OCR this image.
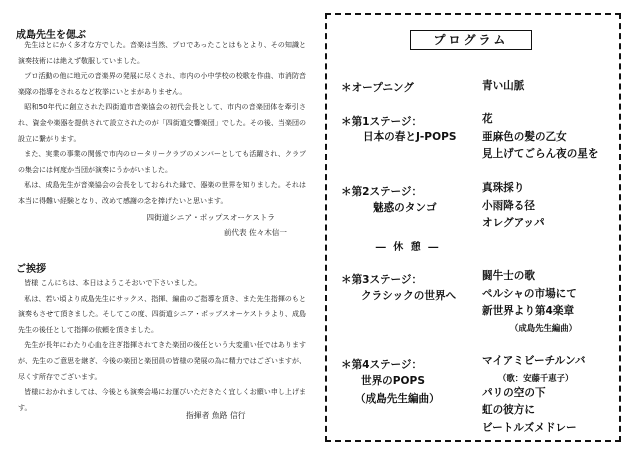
成島先生を偲ぶ

先生はとにかく多才な方でした。音楽は当然、プロであったことはもとより、その知識と演奏技術には絶えず敬服していました。

プロ活動の他に地元の音楽界の発展に尽くされ、市内の小中学校の校歌を作曲、市消防音楽隊の指導をされるなど枚挙にいとまがありません。

昭和50年代に創立された四街道市音楽協会の初代会長として、市内の音楽団体を牽引され、資金や楽器を提供されて設立されたのが「四街道交響楽団」でした。その後、当楽団の設立に繋がります。

また、実業の事業の関係で市内のロータリークラブのメンバーとしても活躍され、クラブの集会には何度か当団が演奏にうかがいました。

私は、成島先生が音楽協会の会長をしておられた縁で、器楽の世界を知りました。それは本当に得難い経験となり、改めて感謝の念を捧げたいと思います。

四街道シニア・ポップスオーケストラ
前代表 佐々木信一
ご挨拶

皆様 こんにちは、本日はようこそおいで下さいました。

私は、若い頃より成島先生にサックス、指揮、編曲のご指導を頂き、また先生指揮のもと演奏もさせて頂きました。そしてこの度、四街道シニア・ポップスオーケストラより、成島先生の後任として指揮の依頼を頂きました。

先生が長年にわたり心血を注ぎ指揮されてきた楽団の後任という大変重い任ではありますが、先生のご意思を継ぎ、今後の楽団と楽団員の皆様の発展の為に精力ではございますが、尽くす所存でございます。

皆様におかれましては、今後とも演奏会場にお運びいただきたく宜しくお願い申し上げます。

指揮者 魚路 信行
プログラム
＊オープニング	青い山脈
＊第1ステージ：
日本の春とJ-POPS
花
亜麻色の髪の乙女
見上げてごらん夜の星を
＊第2ステージ：
魅惑のタンゴ
真珠採り
小雨降る径
オレグアッパ
― 休 憩 ―
＊第3ステージ：
クラシックの世界へ
闘牛士の歌
ペルシャの市場にて
新世界より第4楽章
（成島先生編曲）
＊第4ステージ：
世界のPOPS
（成島先生編曲）
マイアミビーチルンバ
（歌：安藤千恵子）
パリの空の下
虹の彼方に
ビートルズメドレー
